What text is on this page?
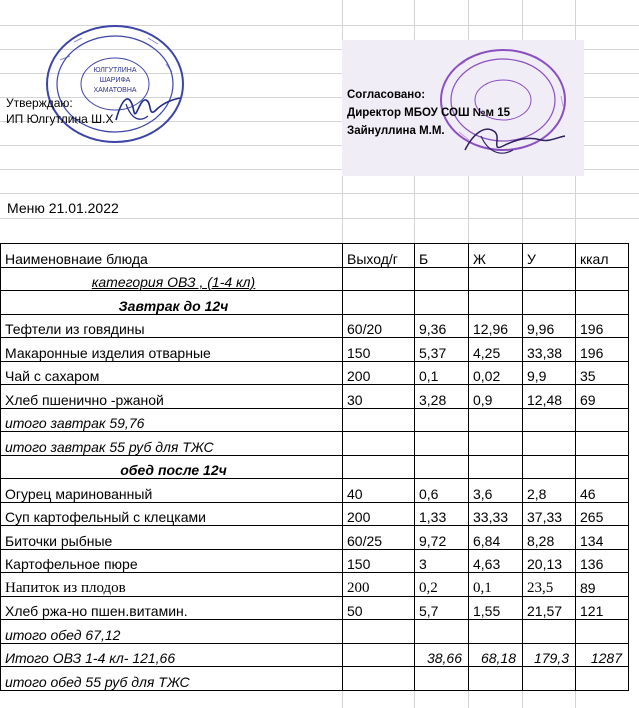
ЮЛГУТЛИНА
ШАРИФА
ХАМАТОВНА
Утверждаю:
ИП Юлгутлина Ш.Х
Согласовано:
Директор МБОУ СОШ №м 15
Зайнуллина М.М.
Меню 21.01.2022
Наименовнаие блюда	Выход/г	Б	Ж	У	ккал
категория ОВЗ , (1-4 кл)					
Завтрак до 12ч					
Тефтели из говядины	60/20	9,36	12,96	9,96	196
Макаронные изделия отварные	150	5,37	4,25	33,38	196
Чай с сахаром	200	0,1	0,02	9,9	35
Хлеб пшенично -ржаной	30	3,28	0,9	12,48	69
итого завтрак 59,76					
итого завтрак 55 руб для ТЖС					
обед после 12ч					
Огурец маринованный	40	0,6	3,6	2,8	46
Суп картофельный с клецками	200	1,33	33,33	37,33	265
Биточки рыбные	60/25	9,72	6,84	8,28	134
Картофельное пюре	150	3	4,63	20,13	136
Напиток из плодов	200	0,2	0,1	23,5	89
Хлеб ржа-но пшен.витамин.	50	5,7	1,55	21,57	121
итого обед 67,12					
Итого ОВЗ 1-4 кл- 121,66		38,66	68,18	179,3	1287
итого обед 55 руб для ТЖС					
